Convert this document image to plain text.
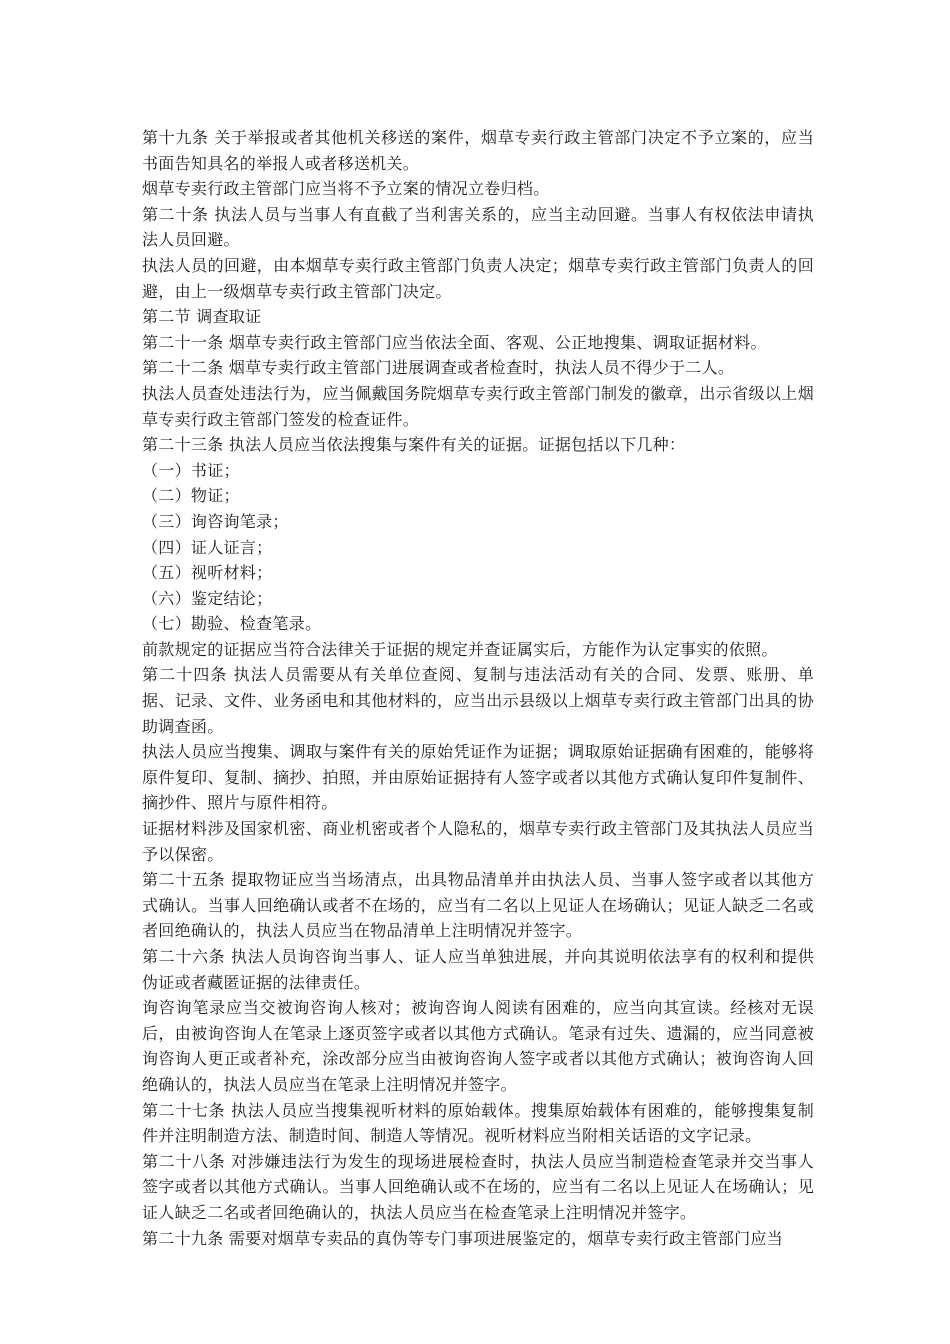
第十九条 关于举报或者其他机关移送的案件，烟草专卖行政主管部门决定不予立案的，应当书面告知具名的举报人或者移送机关。

烟草专卖行政主管部门应当将不予立案的情况立卷归档。

第二十条 执法人员与当事人有直截了当利害关系的，应当主动回避。当事人有权依法申请执法人员回避。

执法人员的回避，由本烟草专卖行政主管部门负责人决定；烟草专卖行政主管部门负责人的回避，由上一级烟草专卖行政主管部门决定。

第二节 调查取证

第二十一条 烟草专卖行政主管部门应当依法全面、客观、公正地搜集、调取证据材料。

第二十二条 烟草专卖行政主管部门进展调查或者检查时，执法人员不得少于二人。

执法人员查处违法行为，应当佩戴国务院烟草专卖行政主管部门制发的徽章，出示省级以上烟草专卖行政主管部门签发的检查证件。

第二十三条 执法人员应当依法搜集与案件有关的证据。证据包括以下几种：

（一）书证；

（二）物证；

（三）询咨询笔录；

（四）证人证言；

（五）视听材料；

（六）鉴定结论；

（七）勘验、检查笔录。

前款规定的证据应当符合法律关于证据的规定并查证属实后，方能作为认定事实的依照。

第二十四条 执法人员需要从有关单位查阅、复制与违法活动有关的合同、发票、账册、单据、记录、文件、业务函电和其他材料的，应当出示县级以上烟草专卖行政主管部门出具的协助调查函。

执法人员应当搜集、调取与案件有关的原始凭证作为证据；调取原始证据确有困难的，能够将原件复印、复制、摘抄、拍照，并由原始证据持有人签字或者以其他方式确认复印件复制件、摘抄件、照片与原件相符。

证据材料涉及国家机密、商业机密或者个人隐私的，烟草专卖行政主管部门及其执法人员应当予以保密。

第二十五条 提取物证应当当场清点，出具物品清单并由执法人员、当事人签字或者以其他方式确认。当事人回绝确认或者不在场的，应当有二名以上见证人在场确认；见证人缺乏二名或者回绝确认的，执法人员应当在物品清单上注明情况并签字。

第二十六条 执法人员询咨询当事人、证人应当单独进展，并向其说明依法享有的权利和提供伪证或者藏匿证据的法律责任。

询咨询笔录应当交被询咨询人核对；被询咨询人阅读有困难的，应当向其宣读。经核对无误后，由被询咨询人在笔录上逐页签字或者以其他方式确认。笔录有过失、遗漏的，应当同意被询咨询人更正或者补充，涂改部分应当由被询咨询人签字或者以其他方式确认；被询咨询人回绝确认的，执法人员应当在笔录上注明情况并签字。

第二十七条 执法人员应当搜集视听材料的原始载体。搜集原始载体有困难的，能够搜集复制件并注明制造方法、制造时间、制造人等情况。视听材料应当附相关话语的文字记录。

第二十八条 对涉嫌违法行为发生的现场进展检查时，执法人员应当制造检查笔录并交当事人签字或者以其他方式确认。当事人回绝确认或不在场的，应当有二名以上见证人在场确认；见证人缺乏二名或者回绝确认的，执法人员应当在检查笔录上注明情况并签字。

第二十九条 需要对烟草专卖品的真伪等专门事项进展鉴定的，烟草专卖行政主管部门应当
